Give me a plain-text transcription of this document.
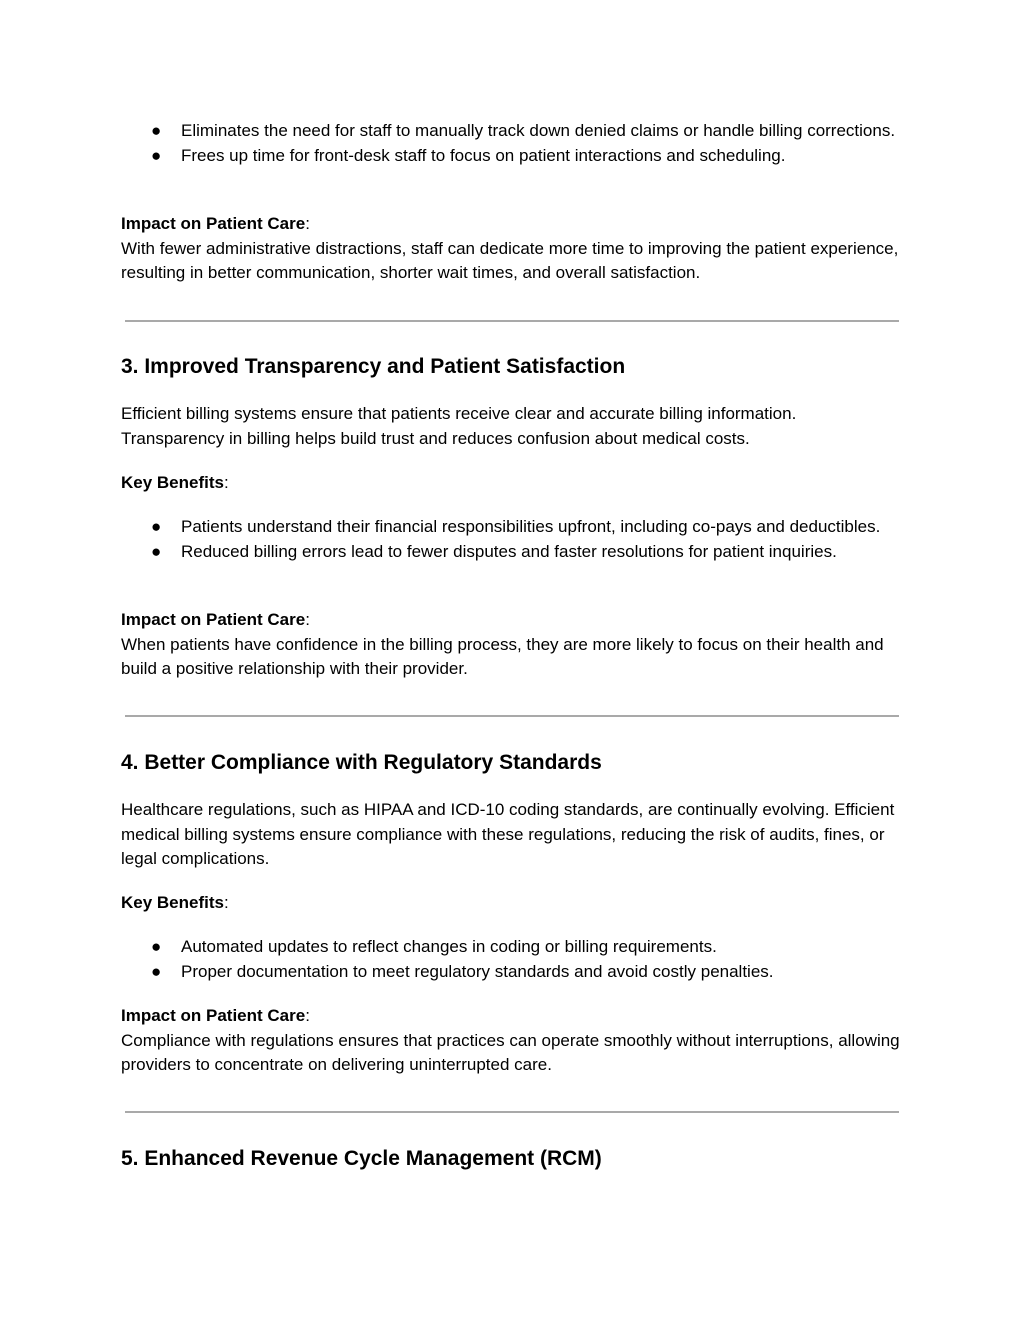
● Eliminates the need for staff to manually track down denied claims or handle billing corrections.
● Frees up time for front-desk staff to focus on patient interactions and scheduling.

Impact on Patient Care:
With fewer administrative distractions, staff can dedicate more time to improving the patient experience, resulting in better communication, shorter wait times, and overall satisfaction.

3. Improved Transparency and Patient Satisfaction

Efficient billing systems ensure that patients receive clear and accurate billing information. Transparency in billing helps build trust and reduces confusion about medical costs.

Key Benefits:

● Patients understand their financial responsibilities upfront, including co-pays and deductibles.
● Reduced billing errors lead to fewer disputes and faster resolutions for patient inquiries.

Impact on Patient Care:
When patients have confidence in the billing process, they are more likely to focus on their health and build a positive relationship with their provider.

4. Better Compliance with Regulatory Standards

Healthcare regulations, such as HIPAA and ICD-10 coding standards, are continually evolving. Efficient medical billing systems ensure compliance with these regulations, reducing the risk of audits, fines, or legal complications.

Key Benefits:

● Automated updates to reflect changes in coding or billing requirements.
● Proper documentation to meet regulatory standards and avoid costly penalties.

Impact on Patient Care:
Compliance with regulations ensures that practices can operate smoothly without interruptions, allowing providers to concentrate on delivering uninterrupted care.

5. Enhanced Revenue Cycle Management (RCM)
